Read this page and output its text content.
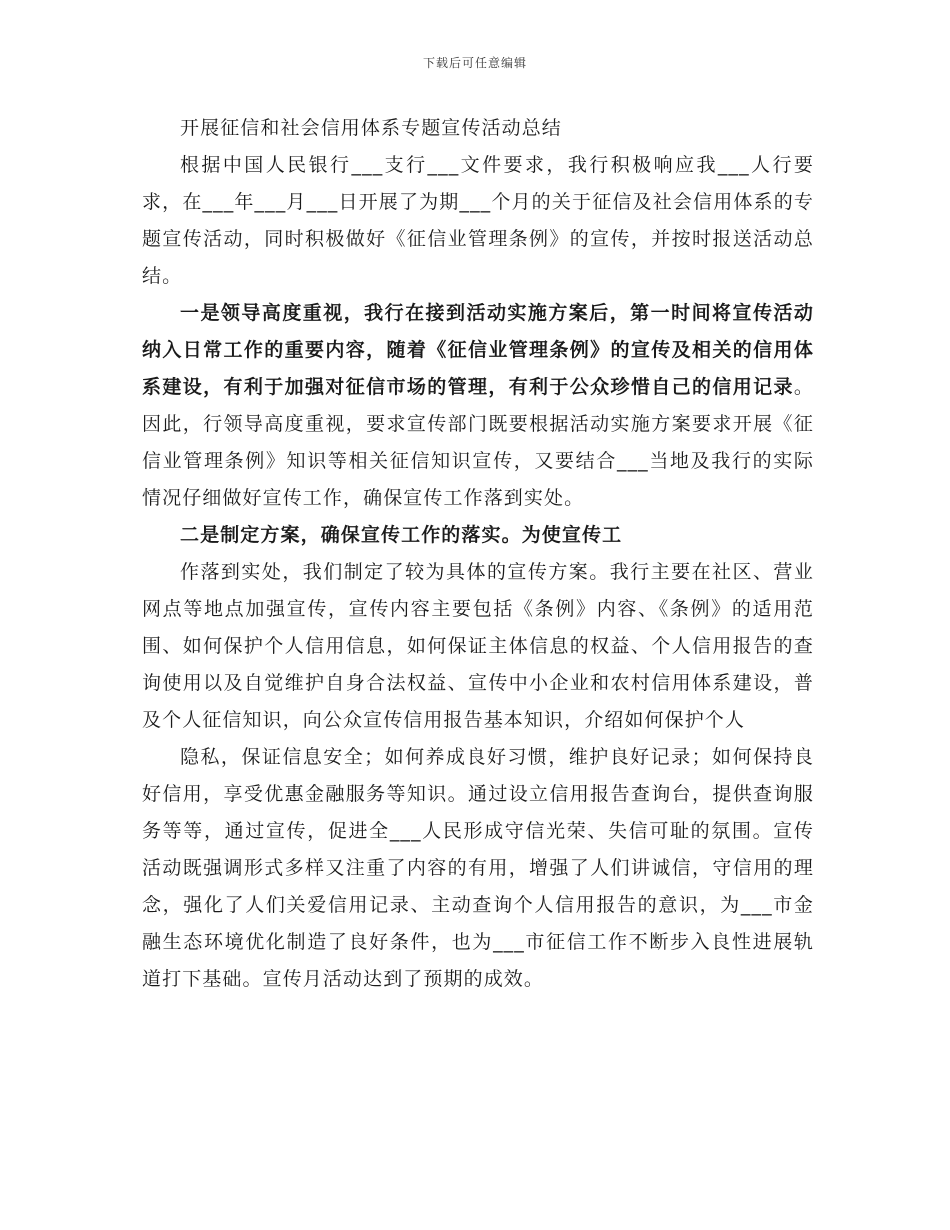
下载后可任意编辑

开展征信和社会信用体系专题宣传活动总结

根据中国人民银行___支行___文件要求，我行积极响应我___人行要求，在___年___月___日开展了为期___个月的关于征信及社会信用体系的专题宣传活动，同时积极做好《征信业管理条例》的宣传，并按时报送活动总结。

一是领导高度重视，我行在接到活动实施方案后，第一时间将宣传活动纳入日常工作的重要内容，随着《征信业管理条例》的宣传及相关的信用体系建设，有利于加强对征信市场的管理，有利于公众珍惜自己的信用记录。因此，行领导高度重视，要求宣传部门既要根据活动实施方案要求开展《征信业管理条例》知识等相关征信知识宣传，又要结合___当地及我行的实际情况仔细做好宣传工作，确保宣传工作落到实处。

二是制定方案，确保宣传工作的落实。为使宣传工

作落到实处，我们制定了较为具体的宣传方案。我行主要在社区、营业网点等地点加强宣传，宣传内容主要包括《条例》内容、《条例》的适用范围、如何保护个人信用信息，如何保证主体信息的权益、个人信用报告的查询使用以及自觉维护自身合法权益、宣传中小企业和农村信用体系建设，普及个人征信知识，向公众宣传信用报告基本知识，介绍如何保护个人

隐私，保证信息安全；如何养成良好习惯，维护良好记录；如何保持良好信用，享受优惠金融服务等知识。通过设立信用报告查询台，提供查询服务等等，通过宣传，促进全___人民形成守信光荣、失信可耻的氛围。宣传活动既强调形式多样又注重了内容的有用，增强了人们讲诚信，守信用的理念，强化了人们关爱信用记录、主动查询个人信用报告的意识，为___市金融生态环境优化制造了良好条件，也为___市征信工作不断步入良性进展轨道打下基础。宣传月活动达到了预期的成效。
